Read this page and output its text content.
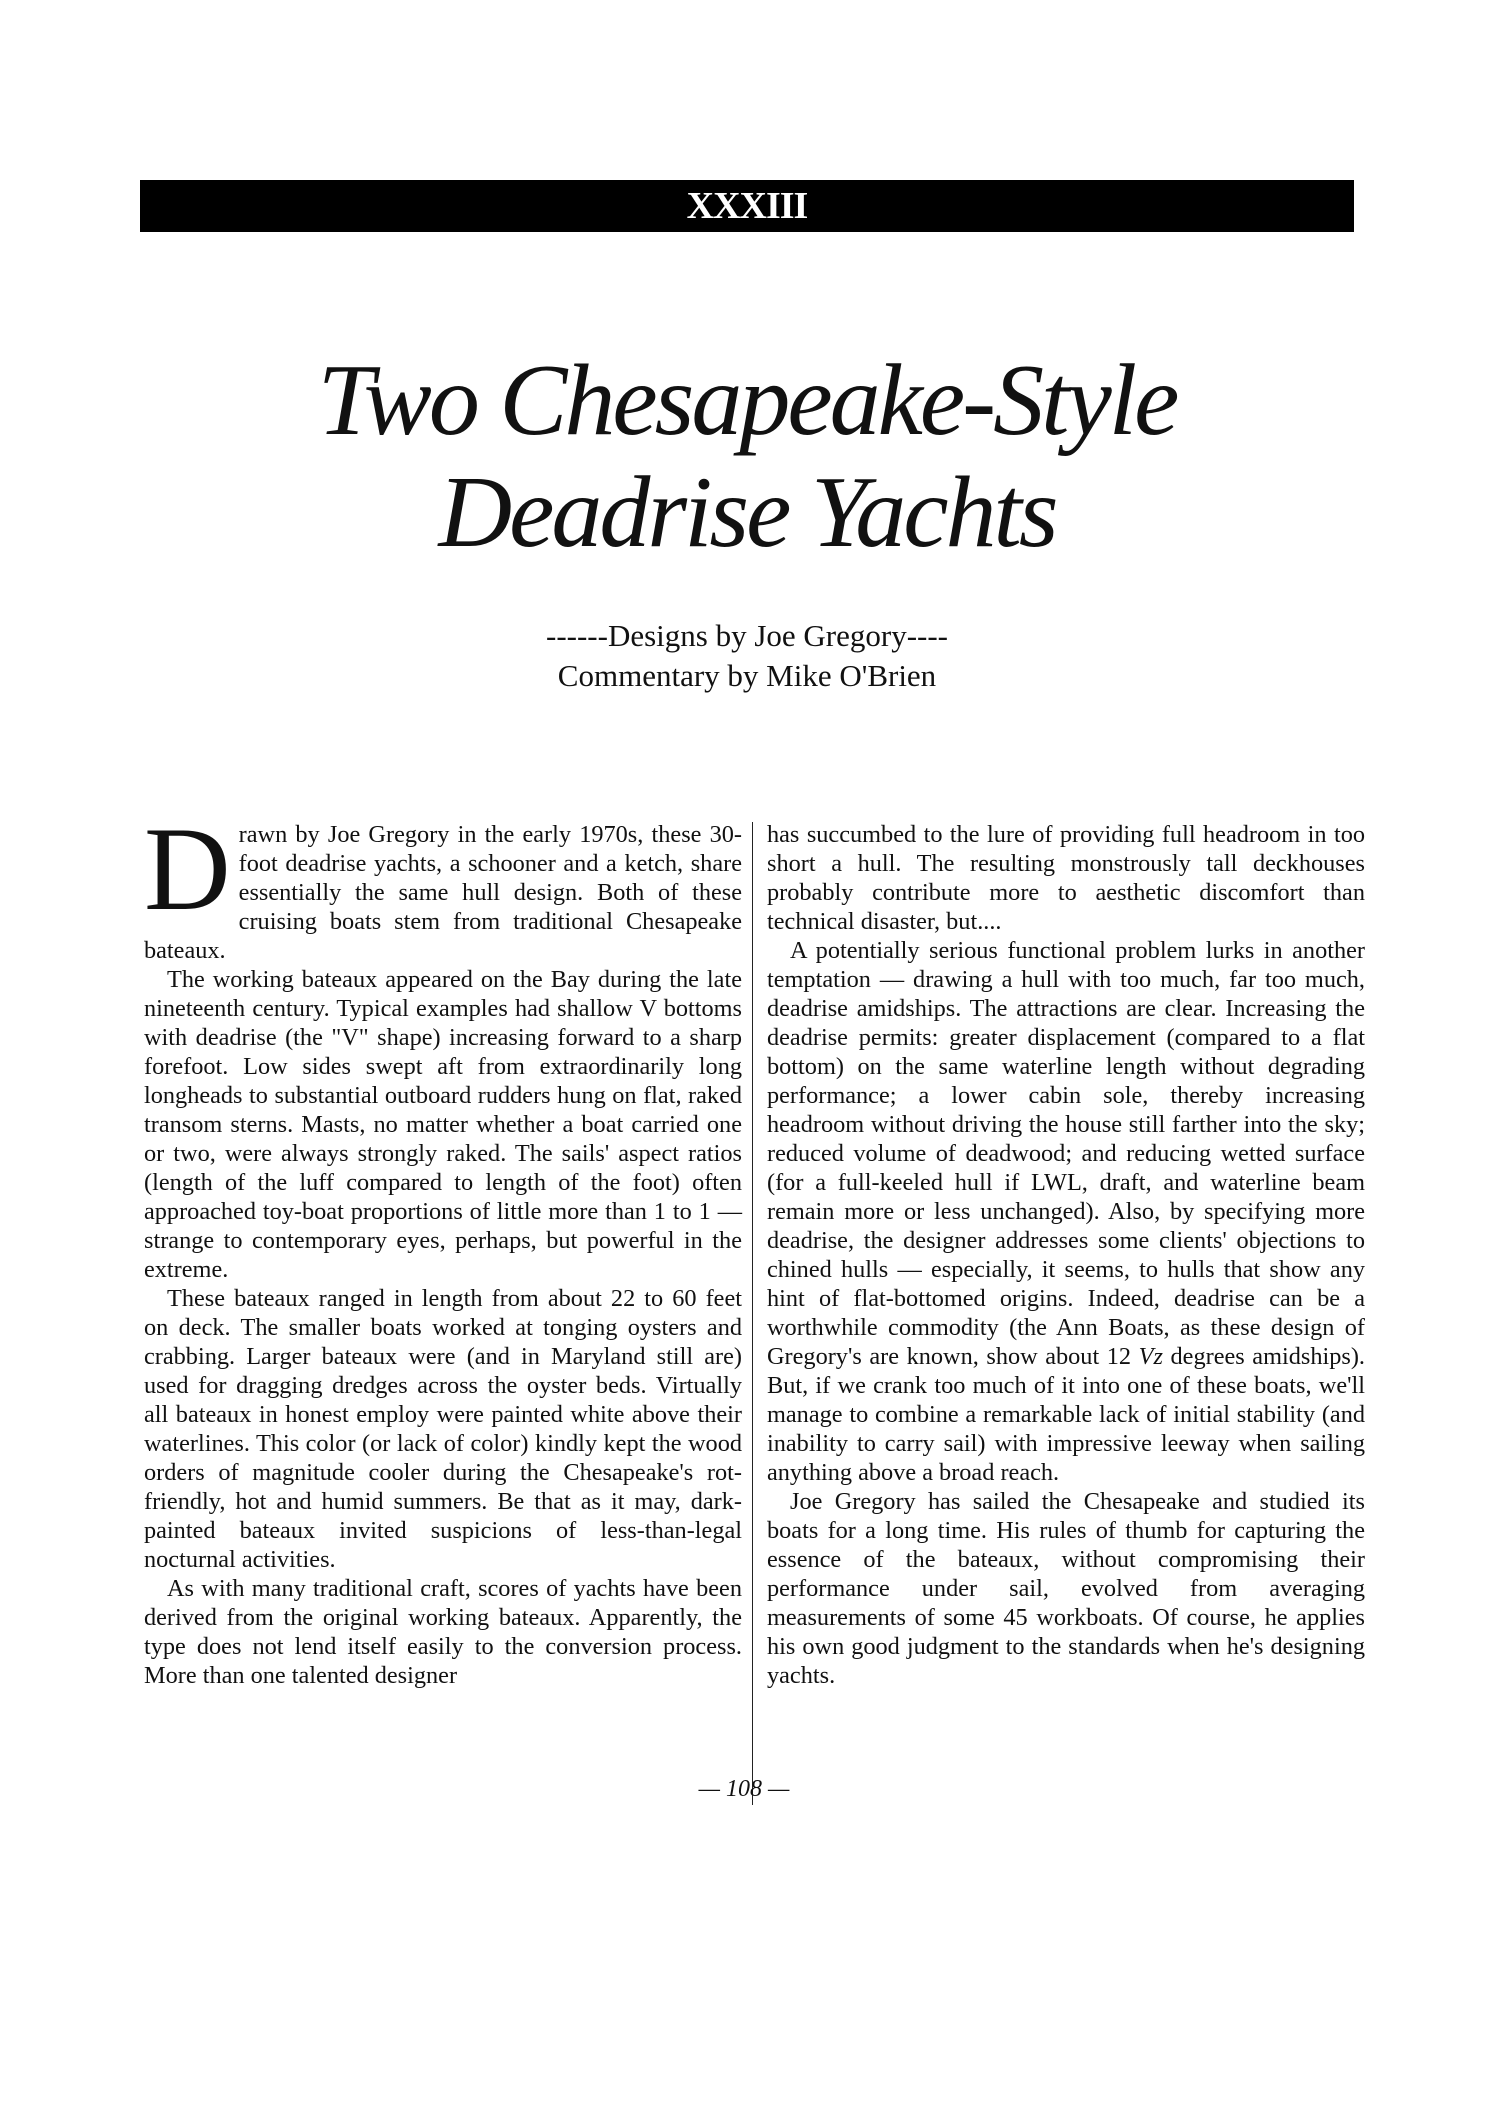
XXXIII
Two Chesapeake-Style
Deadrise Yachts
------Designs by Joe Gregory----
Commentary by Mike O'Brien

Drawn by Joe Gregory in the early 1970s, these 30-foot deadrise yachts, a schooner and a ketch, share essentially the same hull design. Both of these cruising boats stem from traditional Chesapeake bateaux.

The working bateaux appeared on the Bay during the late nineteenth century. Typical examples had shallow V bottoms with deadrise (the "V" shape) increasing forward to a sharp forefoot. Low sides swept aft from extraordinarily long longheads to substantial outboard rudders hung on flat, raked transom sterns. Masts, no matter whether a boat carried one or two, were always strongly raked. The sails' aspect ratios (length of the luff compared to length of the foot) often approached toy-boat proportions of little more than 1 to 1 — strange to contemporary eyes, perhaps, but powerful in the extreme.

These bateaux ranged in length from about 22 to 60 feet on deck. The smaller boats worked at tonging oysters and crabbing. Larger bateaux were (and in Maryland still are) used for dragging dredges across the oyster beds. Virtually all bateaux in honest employ were painted white above their waterlines. This color (or lack of color) kindly kept the wood orders of magnitude cooler during the Chesapeake's rot-friendly, hot and humid summers. Be that as it may, dark-painted bateaux invited suspicions of less-than-legal nocturnal activities.

As with many traditional craft, scores of yachts have been derived from the original working bateaux. Apparently, the type does not lend itself easily to the conversion process. More than one talented designer

has succumbed to the lure of providing full headroom in too short a hull. The resulting monstrously tall deckhouses probably contribute more to aesthetic discomfort than technical disaster, but....

A potentially serious functional problem lurks in another temptation — drawing a hull with too much, far too much, deadrise amidships. The attractions are clear. Increasing the deadrise permits: greater displacement (compared to a flat bottom) on the same waterline length without degrading performance; a lower cabin sole, thereby increasing headroom without driving the house still farther into the sky; reduced volume of deadwood; and reducing wetted surface (for a full-keeled hull if LWL, draft, and waterline beam remain more or less unchanged). Also, by specifying more deadrise, the designer addresses some clients' objections to chined hulls — especially, it seems, to hulls that show any hint of flat-bottomed origins. Indeed, deadrise can be a worthwhile commodity (the Ann Boats, as these design of Gregory's are known, show about 12 Vz degrees amidships). But, if we crank too much of it into one of these boats, we'll manage to combine a remarkable lack of initial stability (and inability to carry sail) with impressive leeway when sailing anything above a broad reach.

Joe Gregory has sailed the Chesapeake and studied its boats for a long time. His rules of thumb for capturing the essence of the bateaux, without compromising their performance under sail, evolved from averaging measurements of some 45 workboats. Of course, he applies his own good judgment to the standards when he's designing yachts.

— 108 —
